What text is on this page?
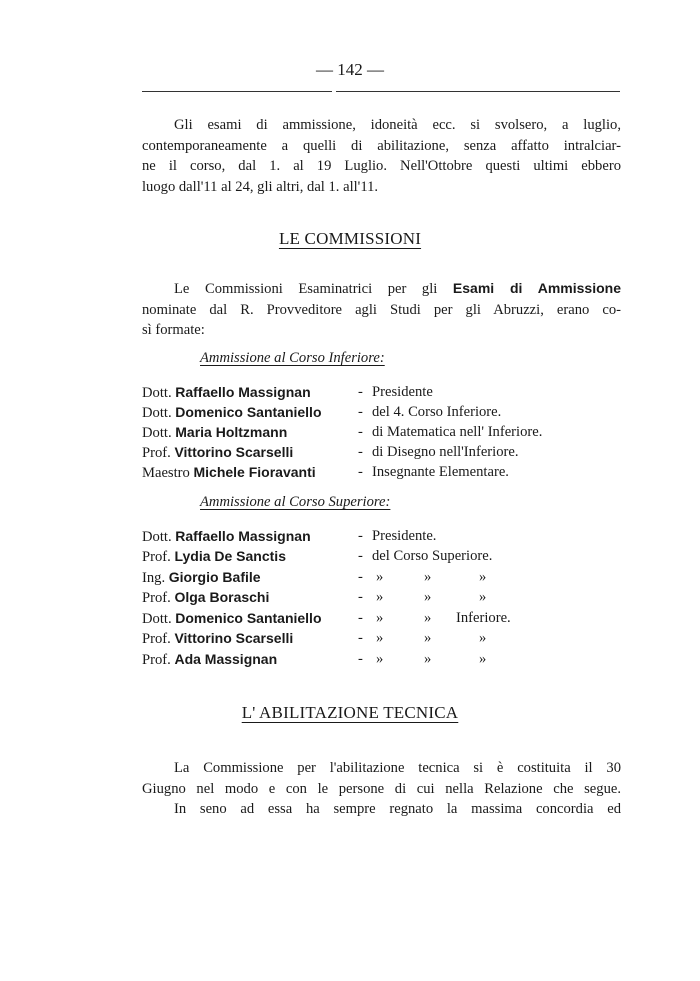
— 142 —
Gli esami di ammissione, idoneità ecc. si svolsero, a luglio,
contemporaneamente a quelli di abilitazione, senza affatto intralciar-
ne il corso, dal 1. al 19 Luglio. Nell'Ottobre questi ultimi ebbero
luogo dall'11 al 24, gli altri, dal 1. all'11.
LE COMMISSIONI
Le Commissioni Esaminatrici per gli Esami di Ammissione
nominate dal R. Provveditore agli Studi per gli Abruzzi, erano co-
sì formate:
Ammissione al Corso Inferiore:
Dott. Raffaello Massignan	- Presidente
Dott. Domenico Santaniello	- del 4. Corso Inferiore.
Dott. Maria Holtzmann	- di Matematica nell' Inferiore.
Prof. Vittorino Scarselli	- di Disegno nell'Inferiore.
Maestro Michele Fioravanti	- Insegnante Elementare.
Ammissione al Corso Superiore:
Dott. Raffaello Massignan	- Presidente.
Prof. Lydia De Sanctis	- del Corso Superiore.
Ing. Giorgio Bafile	- »	»	»
Prof. Olga Boraschi	- »	»	»
Dott. Domenico Santaniello	- »	» Inferiore.
Prof. Vittorino Scarselli	- »	»	»
Prof. Ada Massignan	- »	»	»
L' ABILITAZIONE TECNICA
La Commissione per l'abilitazione tecnica si è costituita il 30
Giugno nel modo e con le persone di cui nella Relazione che segue.
In seno ad essa ha sempre regnato la massima concordia ed
